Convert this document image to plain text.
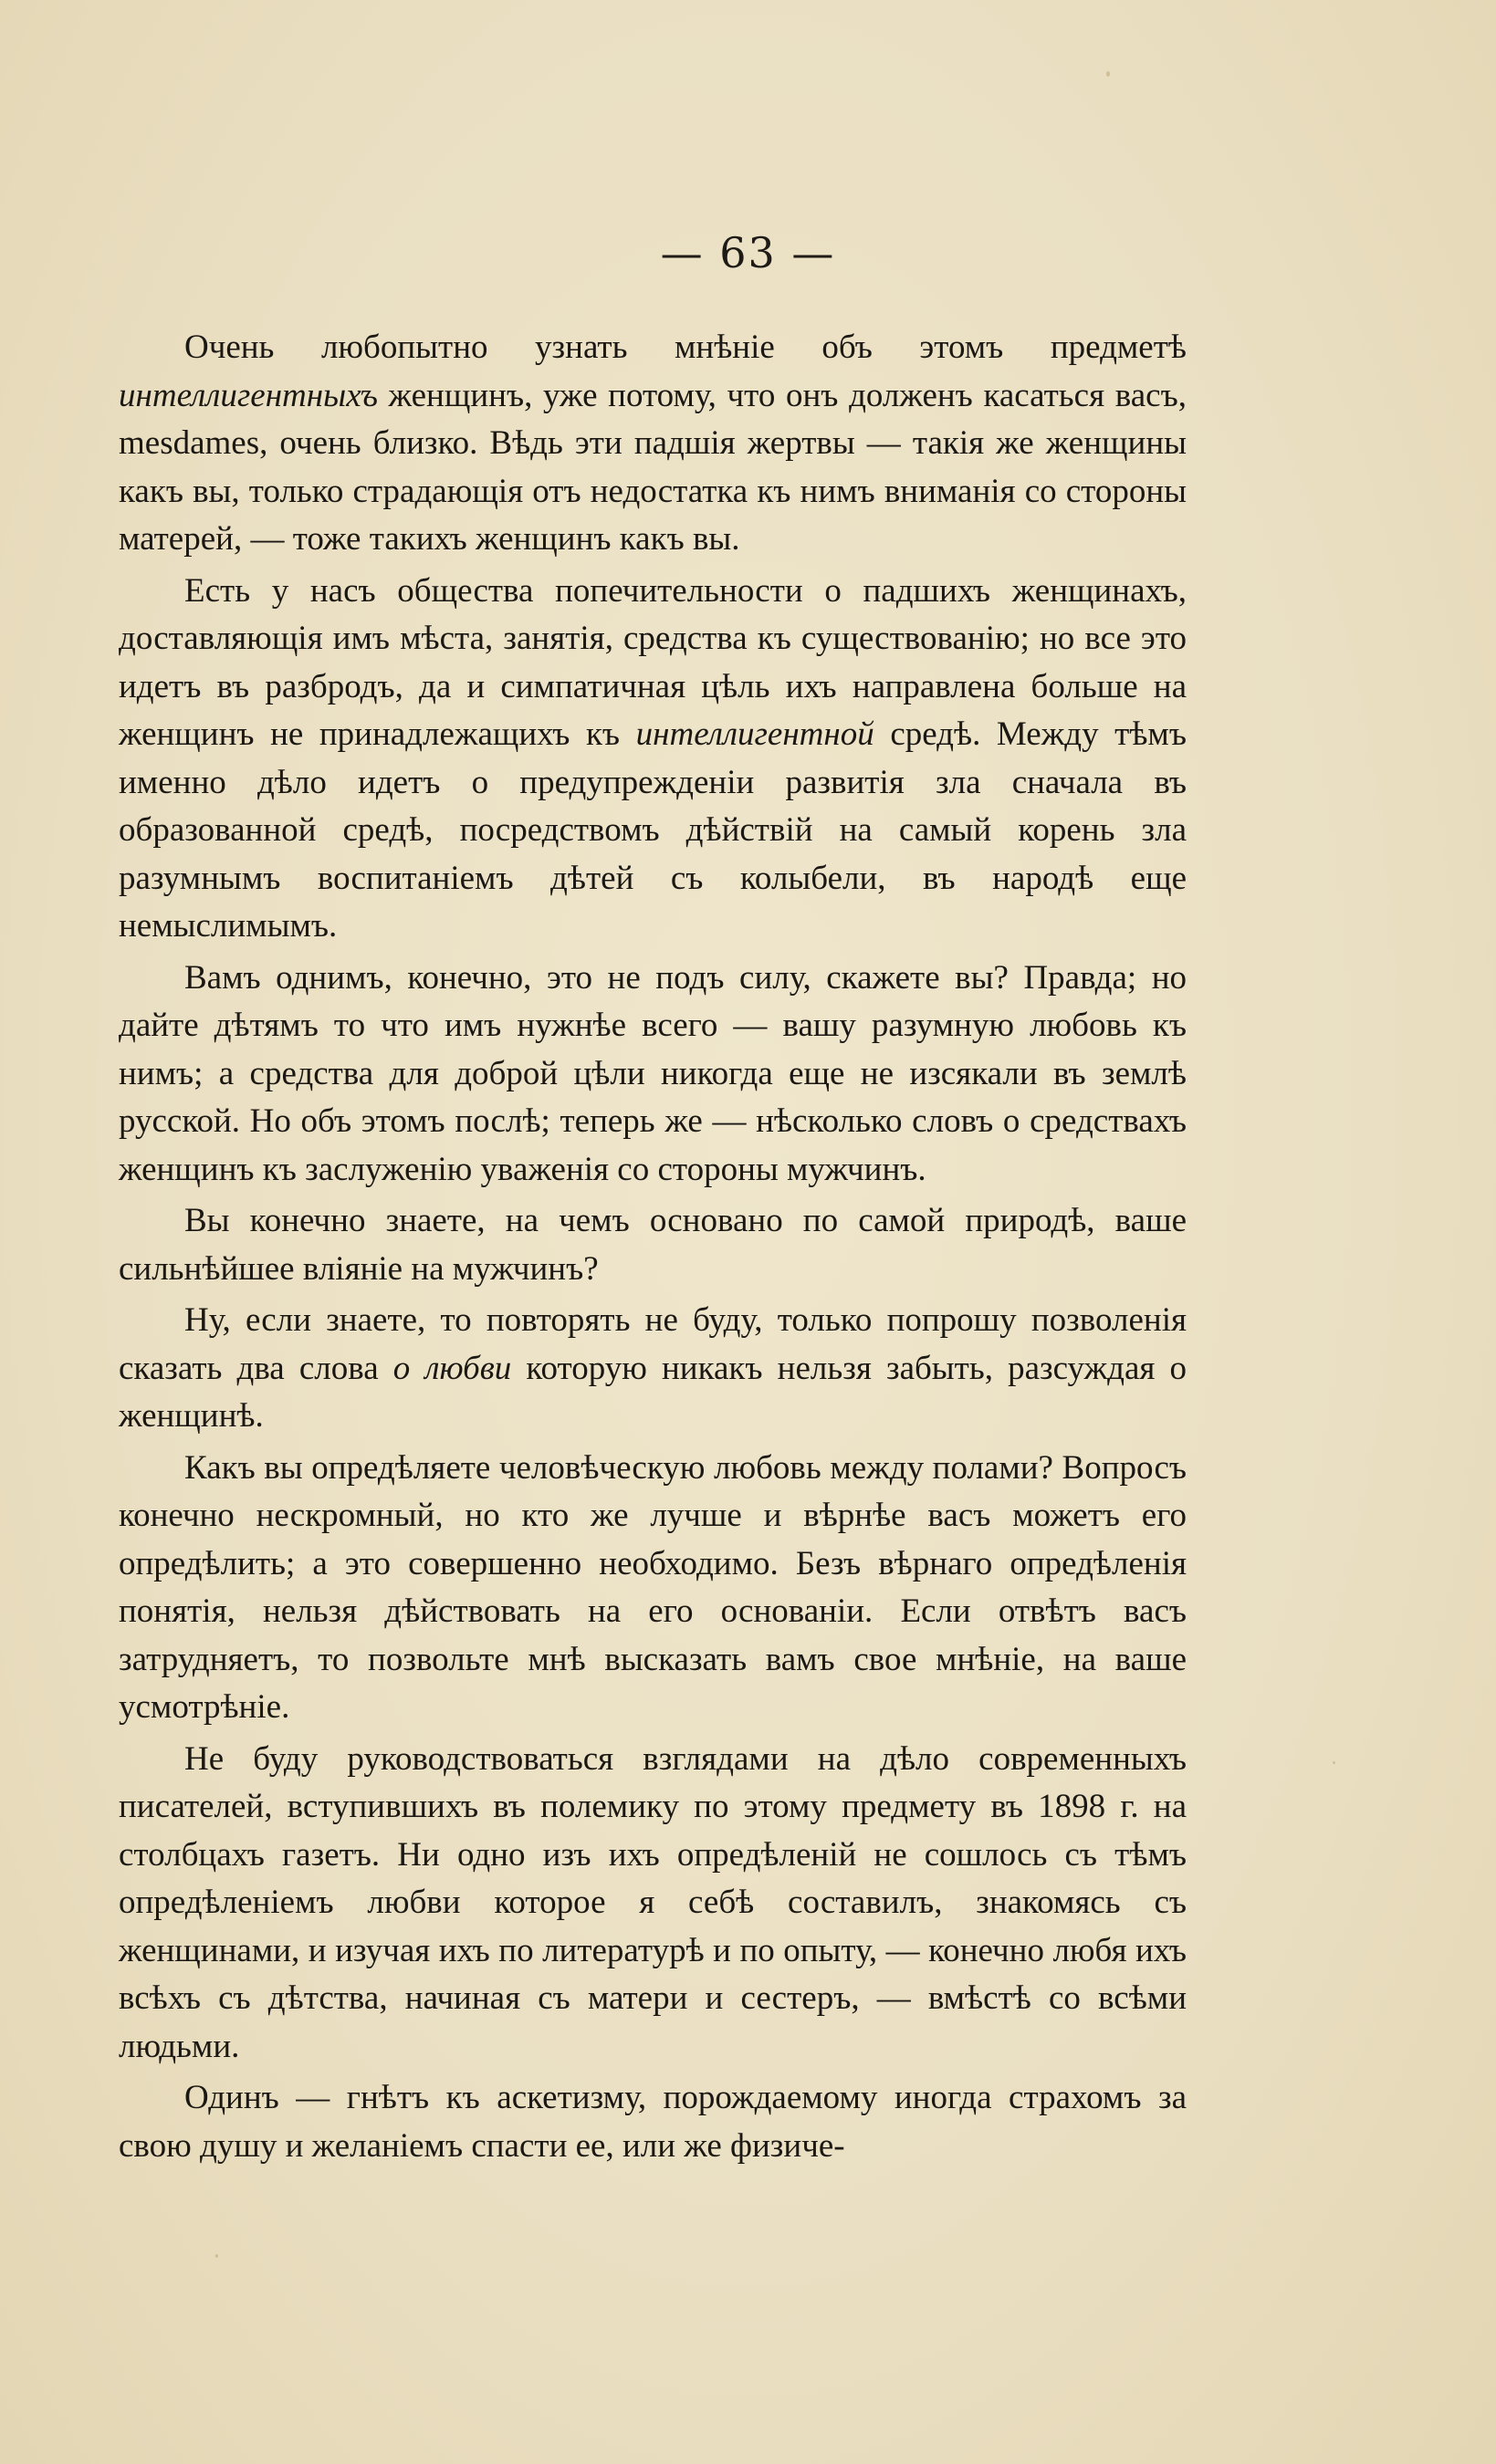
— 63 —

Очень любопытно узнать мнѣніе объ этомъ предметѣ интеллигентныхъ женщинъ, уже потому, что онъ долженъ касаться васъ, mesdames, очень близко. Вѣдь эти падшія жертвы — такія же женщины какъ вы, только страдающія отъ недостатка къ нимъ вниманія со стороны матерей, — тоже такихъ женщинъ какъ вы.

Есть у насъ общества попечительности о падшихъ женщинахъ, доставляющія имъ мѣста, занятія, средства къ существованію; но все это идетъ въ разбродъ, да и симпатичная цѣль ихъ направлена больше на женщинъ не принадлежащихъ къ интеллигентной средѣ. Между тѣмъ именно дѣло идетъ о предупрежденіи развитія зла сначала въ образованной средѣ, посредствомъ дѣйствій на самый корень зла разумнымъ воспитаніемъ дѣтей съ колыбели, въ народѣ еще немыслимымъ.

Вамъ однимъ, конечно, это не подъ силу, скажете вы? Правда; но дайте дѣтямъ то что имъ нужнѣе всего — вашу разумную любовь къ нимъ; а средства для доброй цѣли никогда еще не изсякали въ землѣ русской. Но объ этомъ послѣ; теперь же — нѣсколько словъ о средствахъ женщинъ къ заслуженію уваженія со стороны мужчинъ.

Вы конечно знаете, на чемъ основано по самой природѣ, ваше сильнѣйшее вліяніе на мужчинъ?

Ну, если знаете, то повторять не буду, только попрошу позволенія сказать два слова о любви которую никакъ нельзя забыть, разсуждая о женщинѣ.

Какъ вы опредѣляете человѣческую любовь между полами? Вопросъ конечно нескромный, но кто же лучше и вѣрнѣе васъ можетъ его опредѣлить; а это совершенно необходимо. Безъ вѣрнаго опредѣленія понятія, нельзя дѣйствовать на его основаніи. Если отвѣтъ васъ затрудняетъ, то позвольте мнѣ высказать вамъ свое мнѣніе, на ваше усмотрѣніе.

Не буду руководствоваться взглядами на дѣло современныхъ писателей, вступившихъ въ полемику по этому предмету въ 1898 г. на столбцахъ газетъ. Ни одно изъ ихъ опредѣленій не сошлось съ тѣмъ опредѣленіемъ любви которое я себѣ составилъ, знакомясь съ женщинами, и изучая ихъ по литературѣ и по опыту, — конечно любя ихъ всѣхъ съ дѣтства, начиная съ матери и сестеръ, — вмѣстѣ со всѣми людьми.

Одинъ — гнѣтъ къ аскетизму, порождаемому иногда страхомъ за свою душу и желаніемъ спасти ее, или же физиче-
